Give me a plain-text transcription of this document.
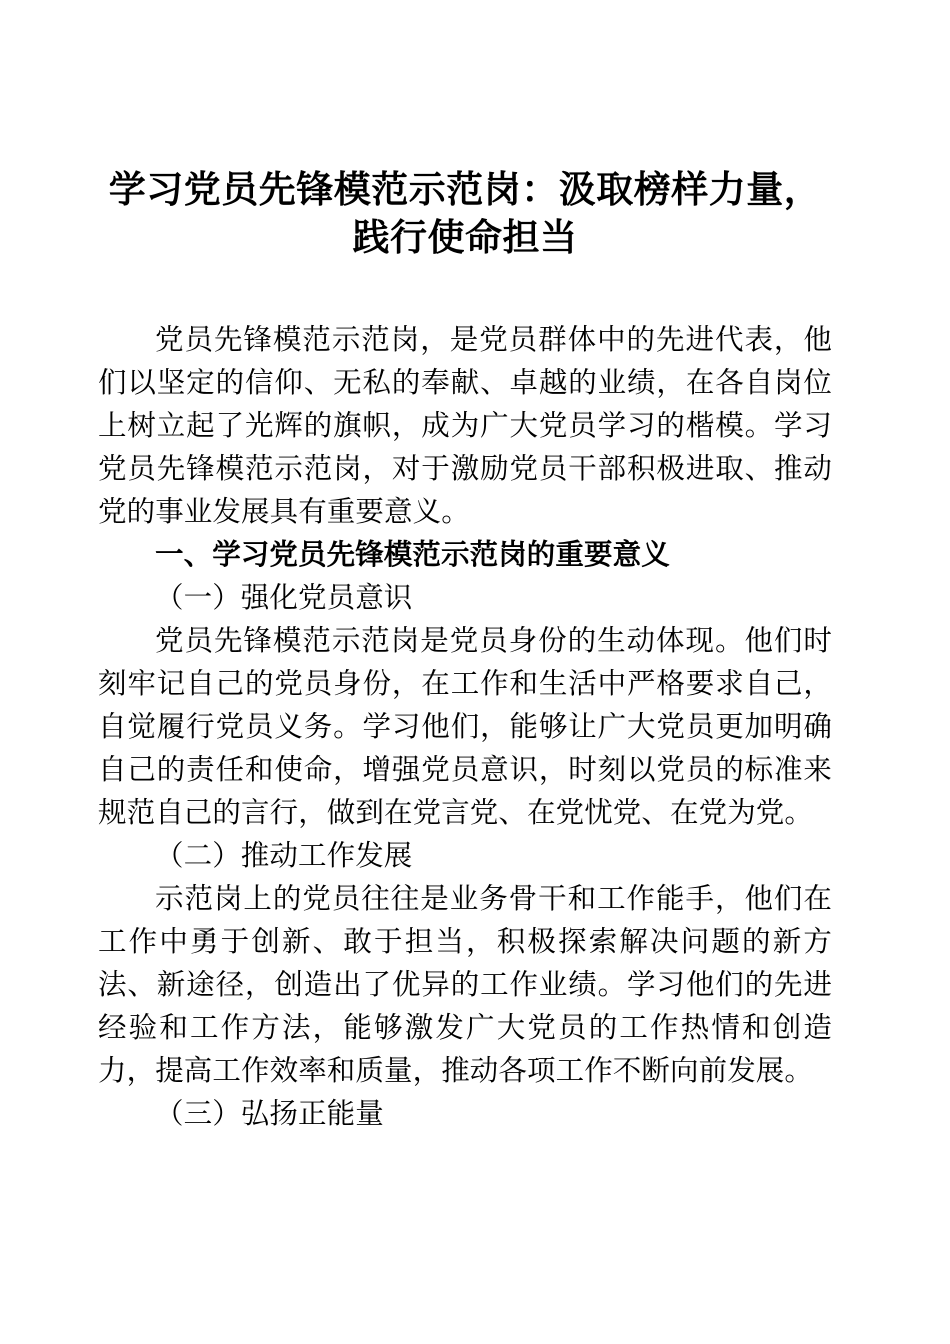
学习党员先锋模范示范岗：汲取榜样力量，践行使命担当

党员先锋模范示范岗，是党员群体中的先进代表，他们以坚定的信仰、无私的奉献、卓越的业绩，在各自岗位上树立起了光辉的旗帜，成为广大党员学习的楷模。学习党员先锋模范示范岗，对于激励党员干部积极进取、推动党的事业发展具有重要意义。

一、学习党员先锋模范示范岗的重要意义

（一）强化党员意识

党员先锋模范示范岗是党员身份的生动体现。他们时刻牢记自己的党员身份，在工作和生活中严格要求自己，自觉履行党员义务。学习他们，能够让广大党员更加明确自己的责任和使命，增强党员意识，时刻以党员的标准来规范自己的言行，做到在党言党、在党忧党、在党为党。

（二）推动工作发展

示范岗上的党员往往是业务骨干和工作能手，他们在工作中勇于创新、敢于担当，积极探索解决问题的新方法、新途径，创造出了优异的工作业绩。学习他们的先进经验和工作方法，能够激发广大党员的工作热情和创造力，提高工作效率和质量，推动各项工作不断向前发展。

（三）弘扬正能量
